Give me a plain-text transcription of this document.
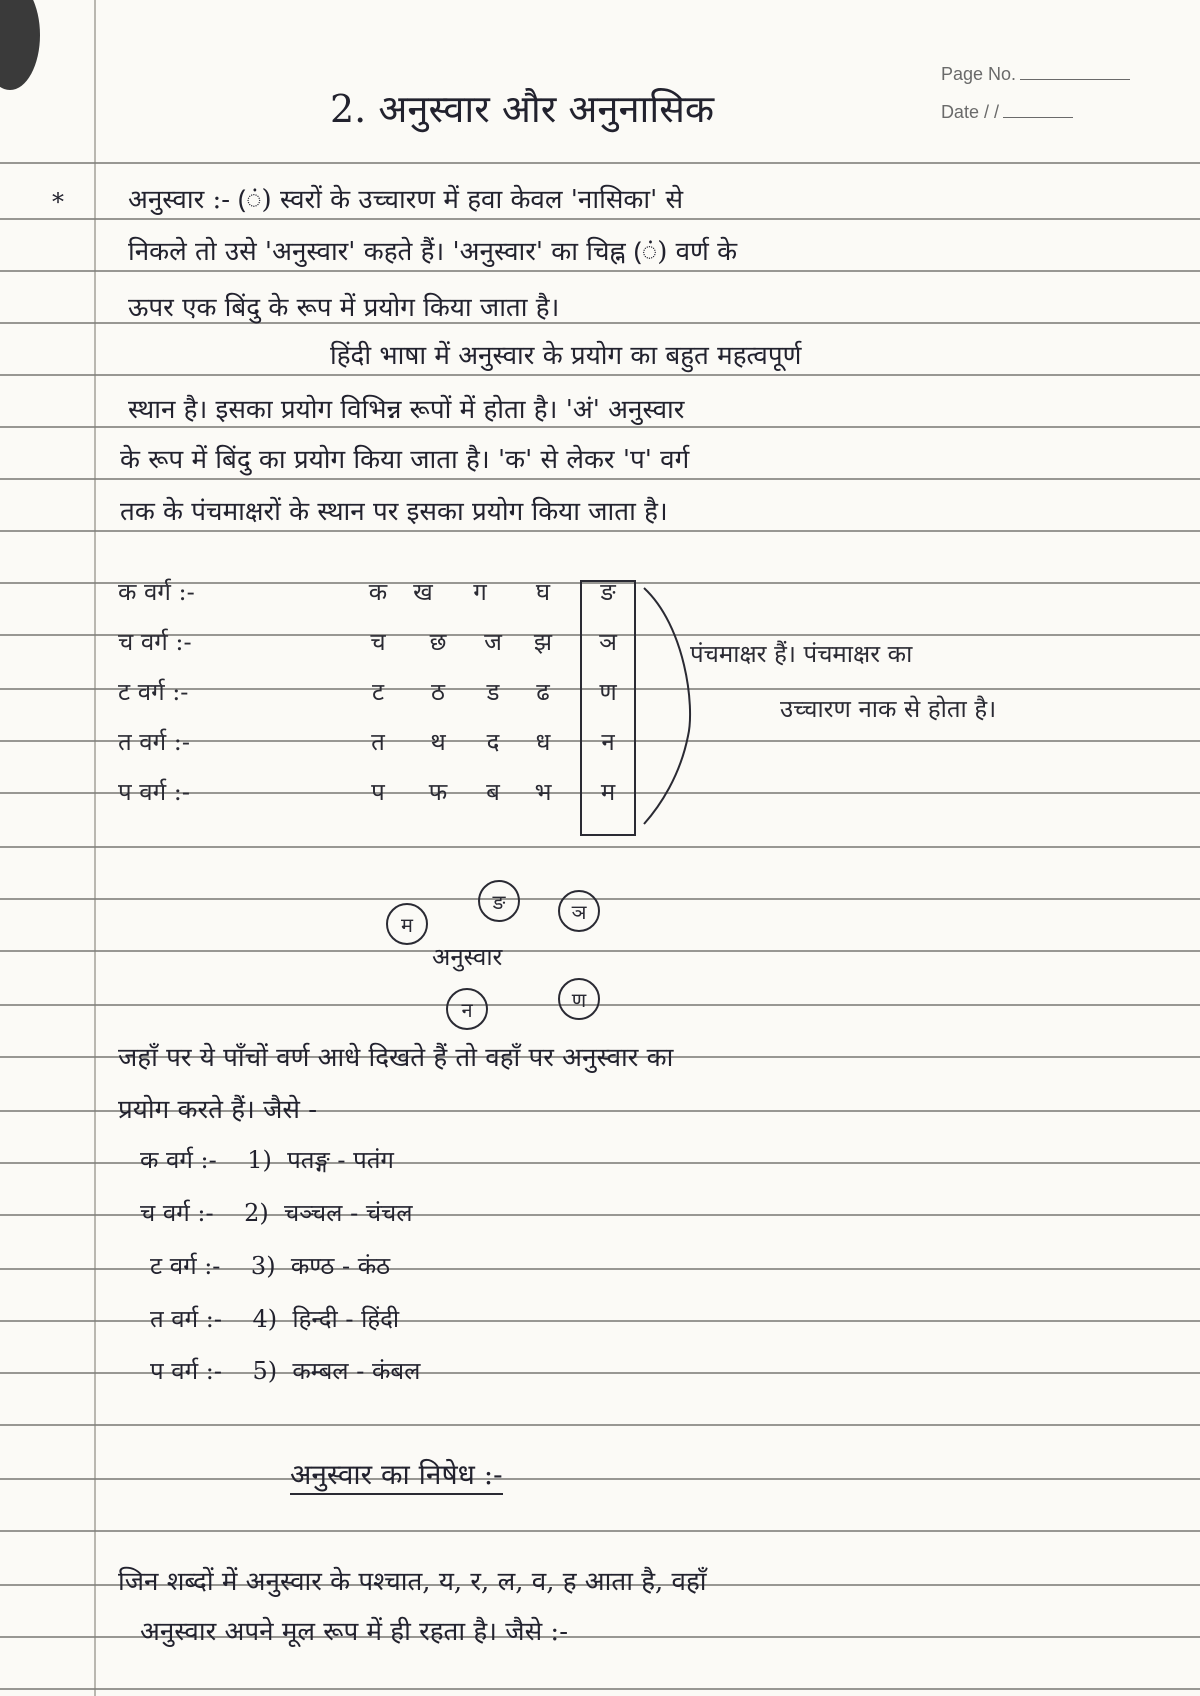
Page No.
Date / /
2. अनुस्वार और अनुनासिक
* अनुस्वार :- (ं) स्वरों के उच्चारण में हवा केवल 'नासिका' से
निकले तो उसे 'अनुस्वार' कहते हैं। 'अनुस्वार' का चिह्न (ं) वर्ण के
ऊपर एक बिंदु के रूप में प्रयोग किया जाता है।
हिंदी भाषा में अनुस्वार के प्रयोग का बहुत महत्वपूर्ण
स्थान है। इसका प्रयोग विभिन्न रूपों में होता है। 'अं' अनुस्वार
के रूप में बिंदु का प्रयोग किया जाता है। 'क' से लेकर 'प' वर्ग
तक के पंचमाक्षरों के स्थान पर इसका प्रयोग किया जाता है।
क वर्ग :-	क	ख	ग	घ	ङ
च वर्ग :-	च	छ	ज	झ	ञ
ट वर्ग :-	ट	ठ	ड	ढ	ण
त वर्ग :-	त	थ	द	ध	न
प वर्ग :-	प	फ	ब	भ	म
पंचमाक्षर हैं। पंचमाक्षर का
उच्चारण नाक से होता है।
म
ङ	ञ
अनुस्वार
न	ण
जहाँ पर ये पाँचों वर्ण आधे दिखते हैं तो वहाँ पर अनुस्वार का
प्रयोग करते हैं। जैसे -
क वर्ग :- 1) पतङ्ग - पतंग
च वर्ग :- 2) चञ्चल - चंचल
ट वर्ग :- 3) कण्ठ - कंठ
त वर्ग :- 4) हिन्दी - हिंदी
प वर्ग :- 5) कम्बल - कंबल
अनुस्वार का निषेध :-
जिन शब्दों में अनुस्वार के पश्चात, य, र, ल, व, ह आता है, वहाँ
अनुस्वार अपने मूल रूप में ही रहता है। जैसे :-
